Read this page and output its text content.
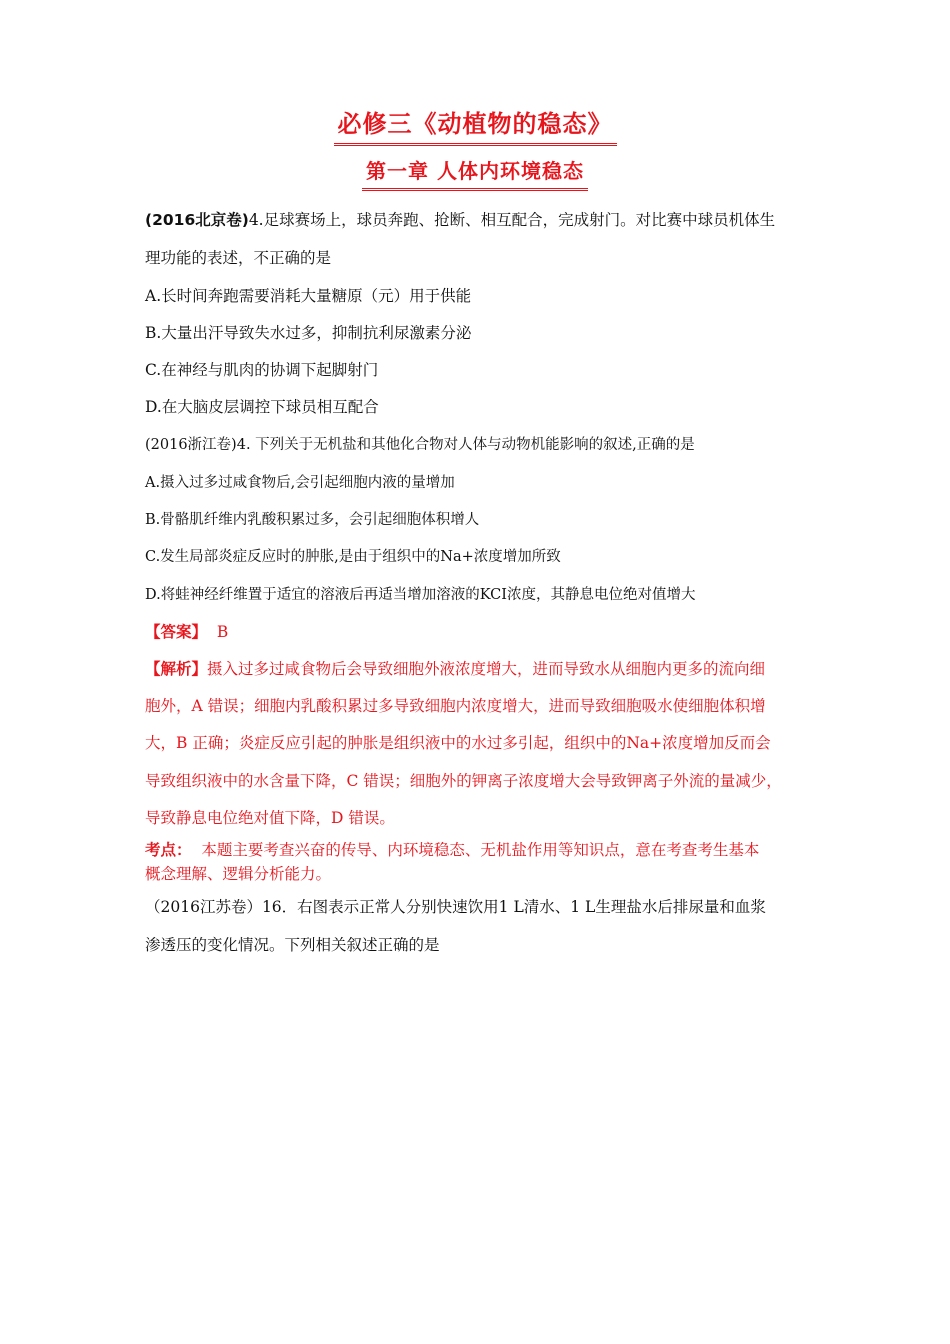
必修三《动植物的稳态》
第一章 人体内环境稳态
(2016北京卷)4.足球赛场上，球员奔跑、抢断、相互配合，完成射门。对比赛中球员机体生
理功能的表述，不正确的是
A.长时间奔跑需要消耗大量糖原（元）用于供能
B.大量出汗导致失水过多，抑制抗利尿激素分泌
C.在神经与肌肉的协调下起脚射门
D.在大脑皮层调控下球员相互配合
(2016浙江卷)4. 下列关于无机盐和其他化合物对人体与动物机能影响的叙述,正确的是
A.摄入过多过咸食物后,会引起细胞内液的量增加
B.骨骼肌纤维内乳酸积累过多，会引起细胞体积增人
C.发生局部炎症反应时的肿胀,是由于组织中的Na+浓度增加所致
D.将蛙神经纤维置于适宜的溶液后再适当增加溶液的KCI浓度，其静息电位绝对值增大
【答案】 B
【解析】摄入过多过咸食物后会导致细胞外液浓度增大，进而导致水从细胞内更多的流向细
胞外，A 错误；细胞内乳酸积累过多导致细胞内浓度增大，进而导致细胞吸水使细胞体积增
大，B 正确；炎症反应引起的肿胀是组织液中的水过多引起，组织中的Na+浓度增加反而会
导致组织液中的水含量下降，C 错误；细胞外的钾离子浓度增大会导致钾离子外流的量减少，
导致静息电位绝对值下降，D 错误。
考点： 本题主要考查兴奋的传导、内环境稳态、无机盐作用等知识点，意在考查考生基本
概念理解、逻辑分析能力。
（2016江苏卷）16．右图表示正常人分别快速饮用1 L清水、1 L生理盐水后排尿量和血浆
渗透压的变化情况。下列相关叙述正确的是
